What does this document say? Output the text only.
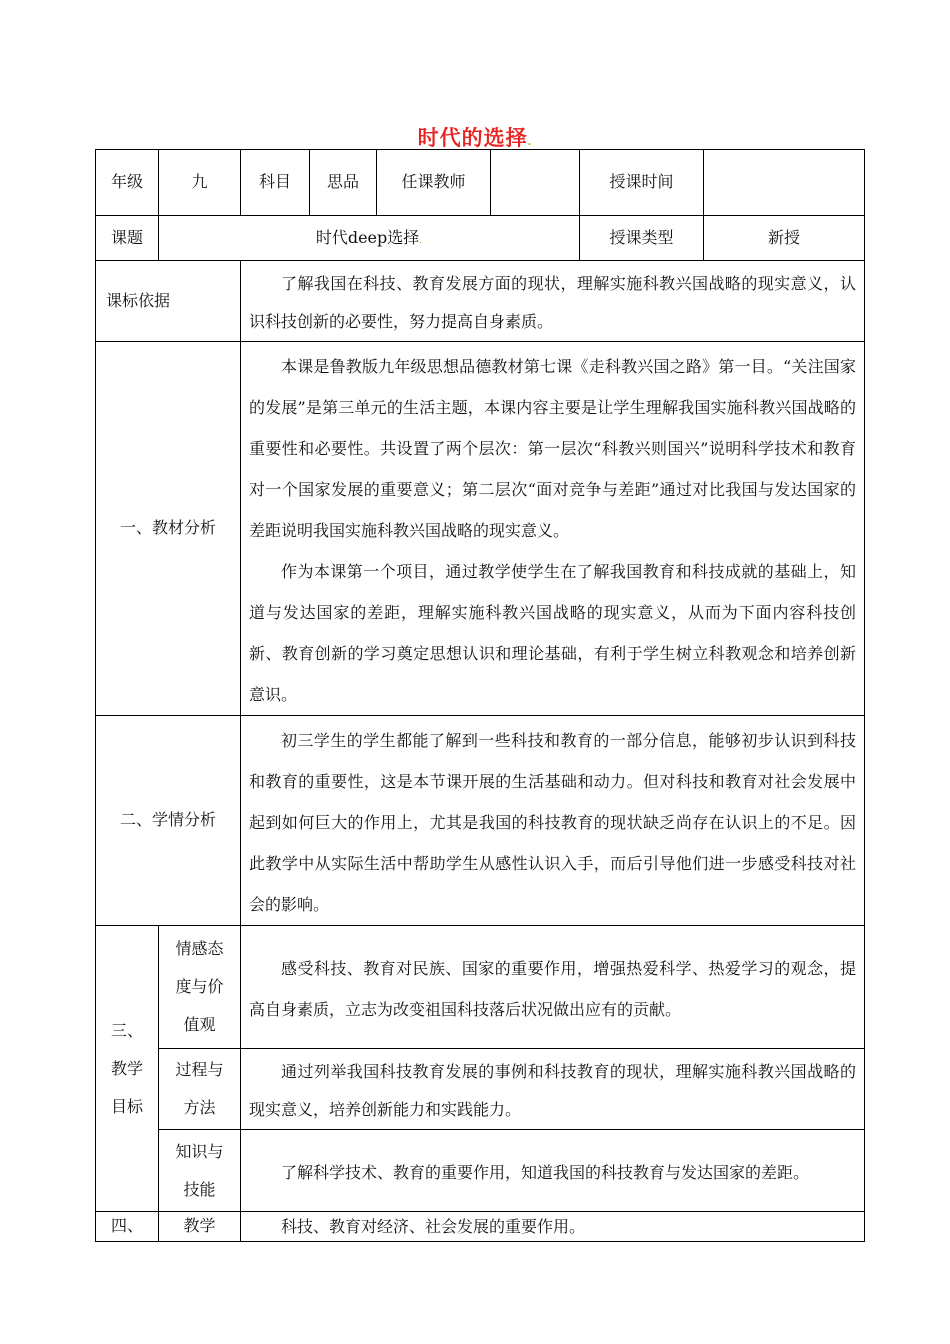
时代的选择.
年级	九	科目	思品	任课教师		授课时间	
课题	时代deep选择.					授课类型	新授
课标依据		了解我国在科技、教育发展方面的现状，理解实施科教兴国战略的现实意义，认识科技创新的必要性，努力提高自身素质。					

一、教材分析		本课是鲁教版九年级思想品德教材第七课《走科教兴国之路》第一目。“关注国家的发展”是第三单元的生活主题，本课内容主要是让学生理解我国实施科教兴国战略的重要性和必要性。共设置了两个层次：第一层次“科教兴则国兴”说明科学技术和教育对一个国家发展的重要意义；第二层次“面对竞争与差距”通过对比我国与发达国家的差距说明我国实施科教兴国战略的现实意义。

作为本课第一个项目，通过教学使学生在了解我国教育和科技成就的基础上，知道与发达国家的差距，理解实施科教兴国战略的现实意义，从而为下面内容科技创新、教育创新的学习奠定思想认识和理论基础，有利于学生树立科教观念和培养创新意识。					

二、学情分析		初三学生的学生都能了解到一些科技和教育的一部分信息，能够初步认识到科技和教育的重要性，这是本节课开展的生活基础和动力。但对科技和教育对社会发展中起到如何巨大的作用上，尤其是我国的科技教育的现状缺乏尚存在认识上的不足。因此教学中从实际生活中帮助学生从感性认识入手，而后引导他们进一步感受科技对社会的影响。					

三、
教学
目标	情感态度与价值观	感受科技、教育对民族、国家的重要作用，增强热爱科学、热爱学习的观念，提高自身素质，立志为改变祖国科技落后状况做出应有的贡献。					

	过程与方法	通过列举我国科技教育发展的事例和科技教育的现状，理解实施科教兴国战略的现实意义，培养创新能力和实践能力。					

	知识与技能	了解科学技术、教育的重要作用，知道我国的科技教育与发达国家的差距。					

四、	教学	科技、教育对经济、社会发展的重要作用。					
